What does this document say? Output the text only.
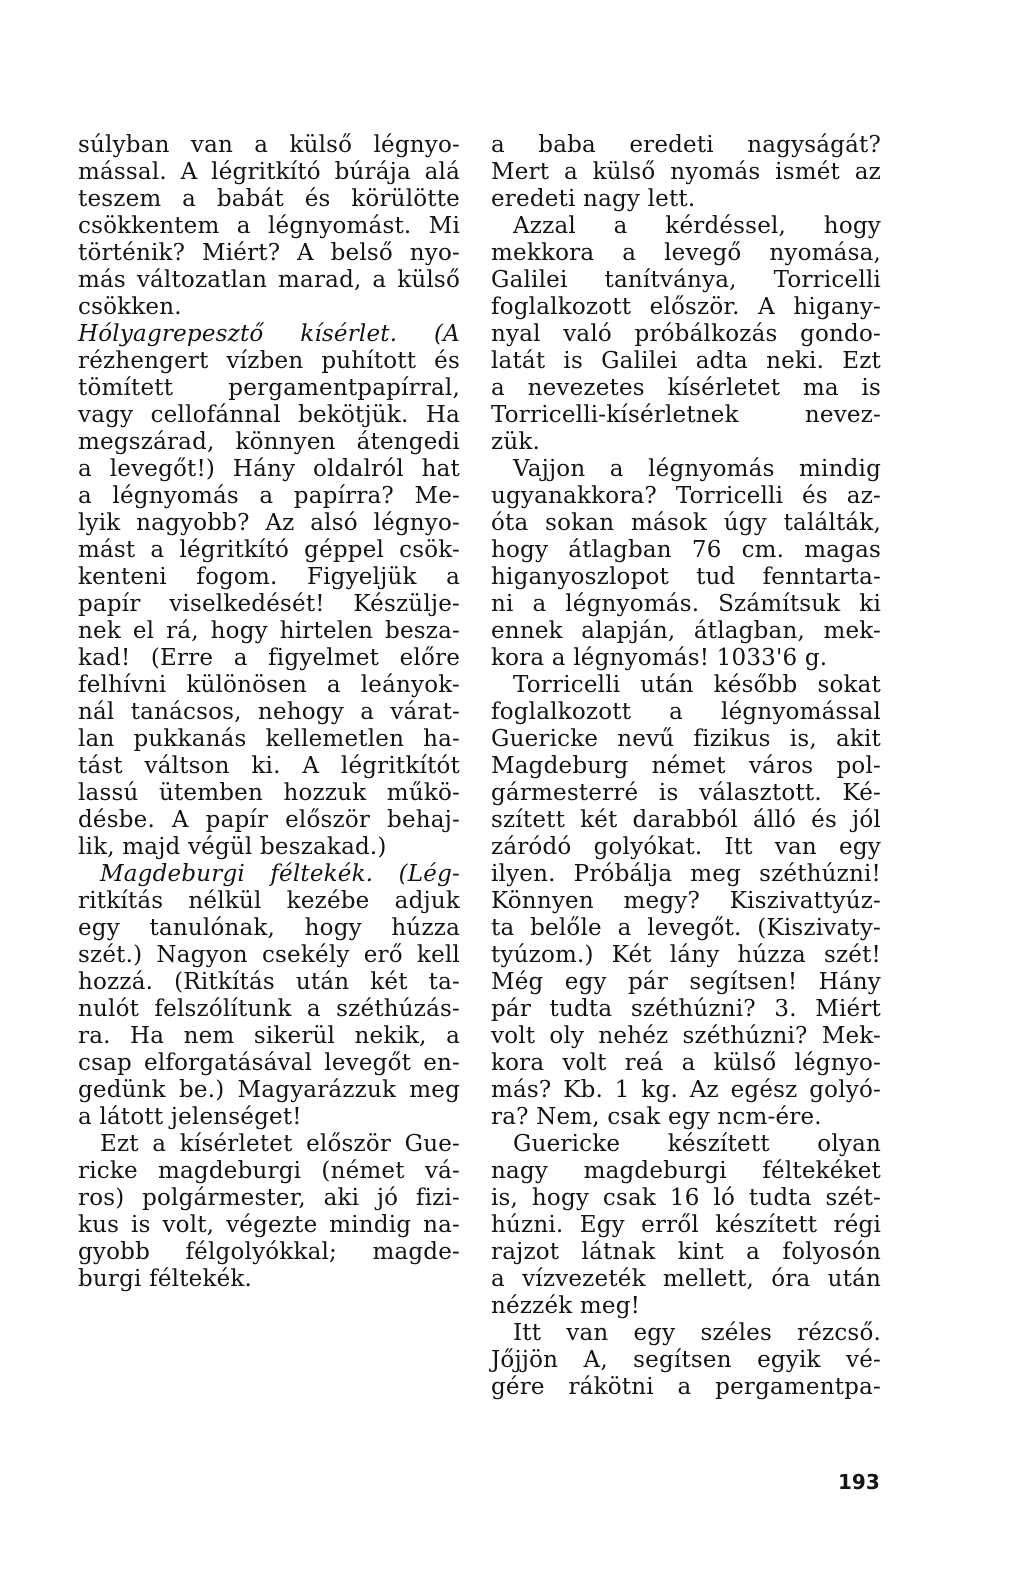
súlyban van a külső légnyo-
mással. A légritkító búrája alá
teszem a babát és körülötte
csökkentem a légnyomást. Mi
történik? Miért? A belső nyo-
más változatlan marad, a külső
csökken.
Hólyagrepesztő kísérlet. (A
rézhengert vízben puhított és
tömített pergamentpapírral,
vagy cellofánnal bekötjük. Ha
megszárad, könnyen átengedi
a levegőt!) Hány oldalról hat
a légnyomás a papírra? Me-
lyik nagyobb? Az alsó légnyo-
mást a légritkító géppel csök-
kenteni fogom. Figyeljük a
papír viselkedését! Készülje-
nek el rá, hogy hirtelen beszа-
kad! (Erre a figyelmet előre
felhívni különösen a leányok-
nál tanácsos, nehogy a várat-
lan pukkanás kellemetlen ha-
tást váltson ki. A légritkítót
lassú ütemben hozzuk műkö-
désbe. A papír először behaj-
lik, majd végül beszakad.)
Magdeburgi féltekék. (Lég-
ritkítás nélkül kezébe adjuk
egy tanulónak, hogy húzza
szét.) Nagyon csekély erő kell
hozzá. (Ritkítás után két ta-
nulót felszólítunk a széthúzás-
ra. Ha nem sikerül nekik, a
csap elforgatásával levegőt en-
gedünk be.) Magyarázzuk meg
a látott jelenséget!
Ezt a kísérletet először Gue-
ricke magdeburgi (német vá-
ros) polgármester, aki jó fizi-
kus is volt, végezte mindig na-
gyobb félgolyókkal; magde-
burgi féltekék.
a baba eredeti nagyságát?
Mert a külső nyomás ismét az
eredeti nagy lett.
Azzal a kérdéssel, hogy
mekkora a levegő nyomása,
Galilei tanítványa, Torricelli
foglalkozott először. A higany-
nyal való próbálkozás gondo-
latát is Galilei adta neki. Ezt
a nevezetes kísérletet ma is
Torricelli-kísérletnek nevez-
zük.
Vajjon a légnyomás mindig
ugyanakkora? Torricelli és az-
óta sokan mások úgy találták,
hogy átlagban 76 cm. magas
higanyoszlopot tud fenntarta-
ni a légnyomás. Számítsuk ki
ennek alapján, átlagban, mek-
kora a légnyomás! 1033'6 g.
Torricelli után később sokat
foglalkozott a légnyomással
Guericke nevű fizikus is, akit
Magdeburg német város pol-
gármesterré is választott. Ké-
szített két darabból álló és jól
záródó golyókat. Itt van egy
ilyen. Próbálja meg széthúzni!
Könnyen megy? Kiszivattyúz-
ta belőle a levegőt. (Kiszivaty-
tyúzom.) Két lány húzza szét!
Még egy pár segítsen! Hány
pár tudta széthúzni? 3. Miért
volt oly nehéz széthúzni? Mek-
kora volt reá a külső légnyo-
más? Kb. 1 kg. Az egész golyó-
ra? Nem, csak egy ncm-ére.
Guericke készített olyan
nagy magdeburgi féltekéket
is, hogy csak 16 ló tudta szét-
húzni. Egy erről készített régi
rajzot látnak kint a folyosón
a vízvezeték mellett, óra után
nézzék meg!
Itt van egy széles rézcső.
Jőjjön A, segítsen egyik vé-
gére rákötni a pergamentpa-
193
